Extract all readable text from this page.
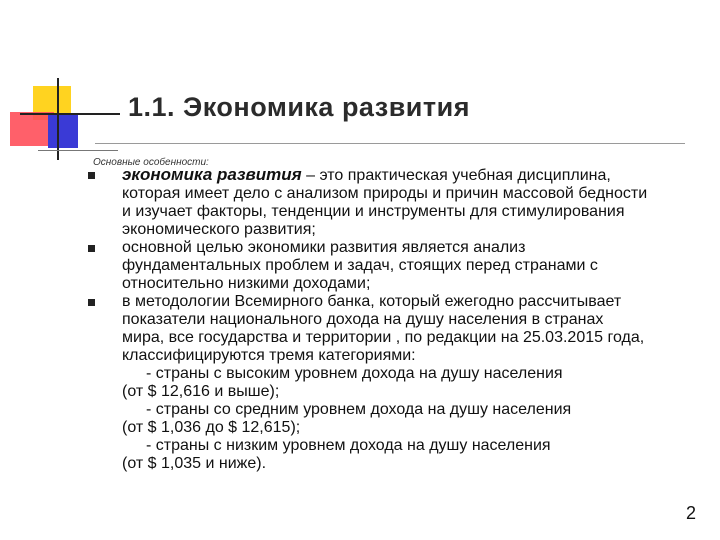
1.1. Экономика развития
Основные особенности:
экономика развития – это практическая учебная дисциплина, которая имеет дело с анализом природы и причин массовой бедности и изучает факторы, тенденции и инструменты для стимулирования экономического развития;
основной целью экономики развития является анализ фундаментальных проблем и задач, стоящих перед странами с относительно низкими доходами;
в методологии Всемирного банка, который ежегодно рассчитывает показатели национального дохода на душу населения в странах мира, все государства и территории , по редакции на 25.03.2015 года, классифицируются тремя категориями:
- страны с высоким уровнем дохода на душу населения
(от $ 12,616 и выше);
- страны со средним уровнем дохода на душу населения
(от $ 1,036 до $ 12,615);
- страны с низким уровнем дохода на душу населения
(от $ 1,035 и ниже).
2
